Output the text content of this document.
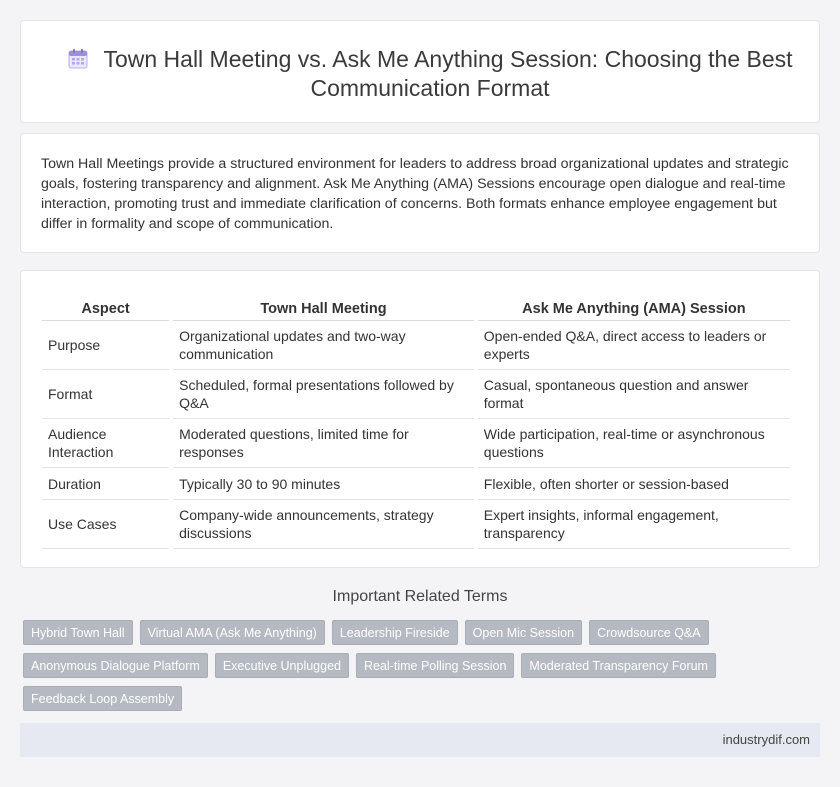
Town Hall Meeting vs. Ask Me Anything Session: Choosing the Best Communication Format

Town Hall Meetings provide a structured environment for leaders to address broad organizational updates and strategic goals, fostering transparency and alignment. Ask Me Anything (AMA) Sessions encourage open dialogue and real-time interaction, promoting trust and immediate clarification of concerns. Both formats enhance employee engagement but differ in formality and scope of communication.

Aspect	Town Hall Meeting	Ask Me Anything (AMA) Session
Purpose	Organizational updates and two-way communication	Open-ended Q&A, direct access to leaders or experts
Format	Scheduled, formal presentations followed by Q&A	Casual, spontaneous question and answer format
Audience Interaction	Moderated questions, limited time for responses	Wide participation, real-time or asynchronous questions
Duration	Typically 30 to 90 minutes	Flexible, often shorter or session-based
Use Cases	Company-wide announcements, strategy discussions	Expert insights, informal engagement, transparency
Important Related Terms
Hybrid Town Hall	Virtual AMA (Ask Me Anything)	Leadership Fireside	Open Mic Session	Crowdsource Q&A
Anonymous Dialogue Platform	Executive Unplugged	Real-time Polling Session	Moderated Transparency Forum
Feedback Loop Assembly
industrydif.com
